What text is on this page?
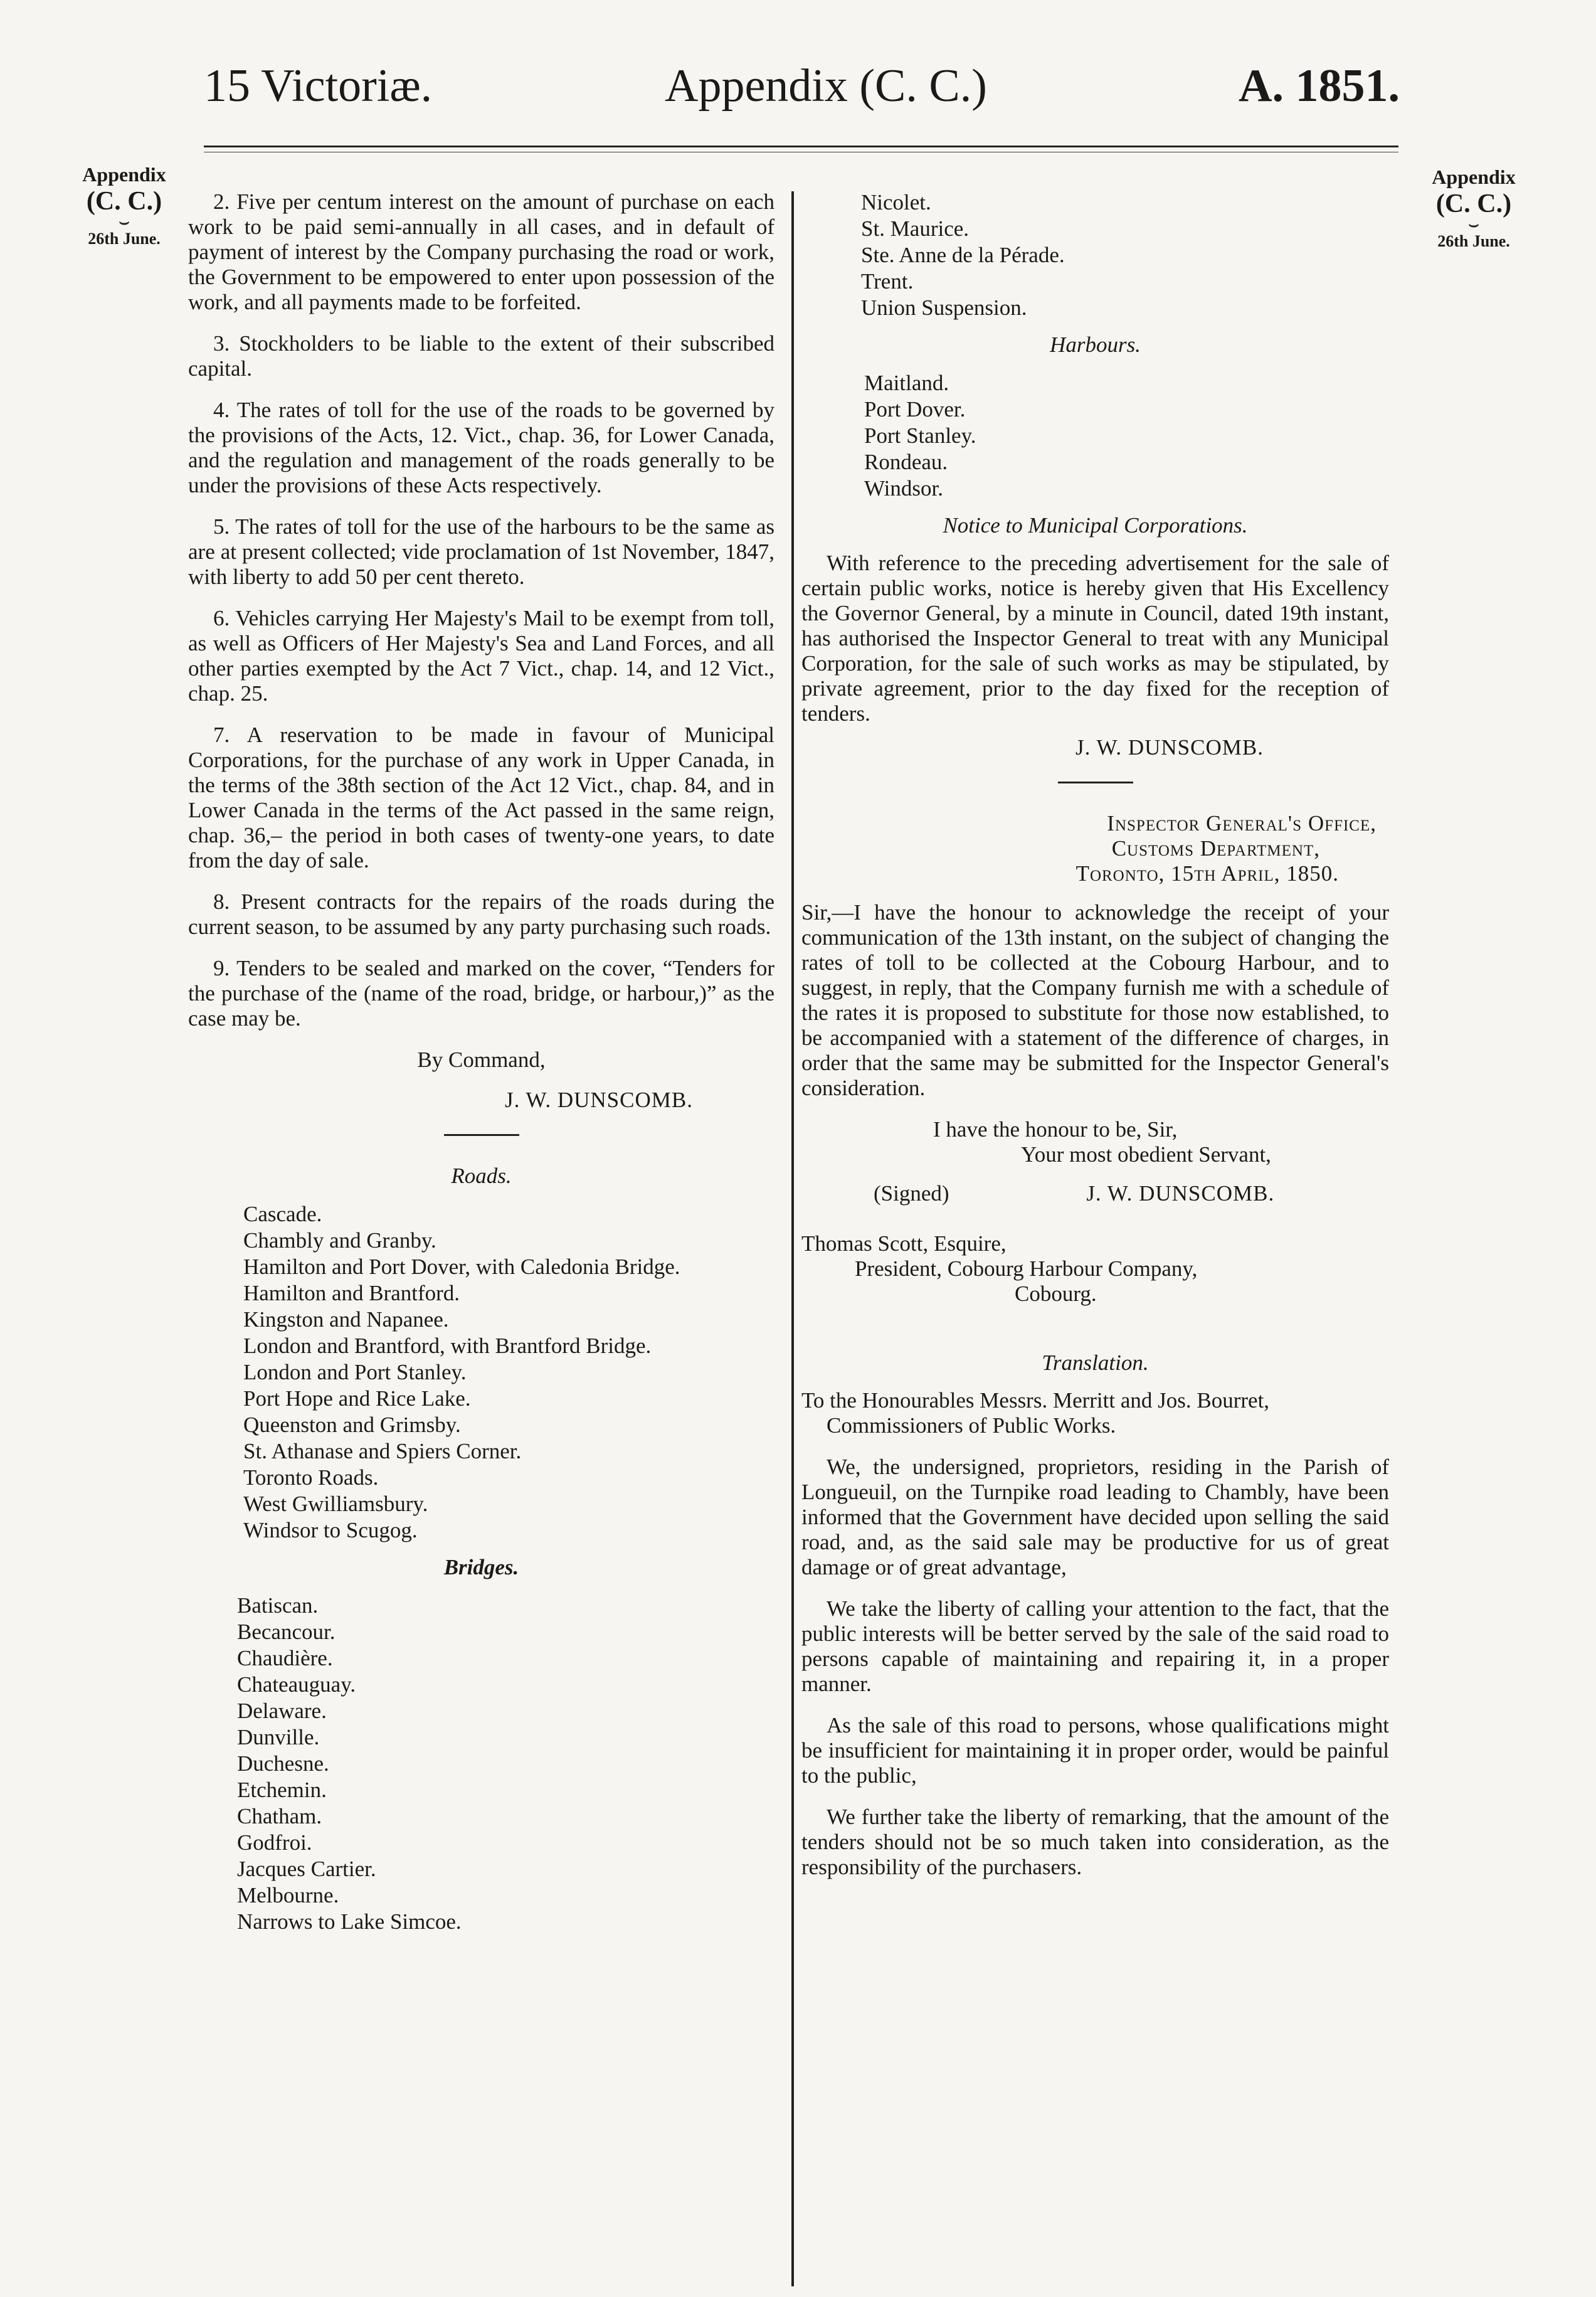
15 Victoriæ.	Appendix (C. C.)	A. 1851.
Appendix
(C. C.)
⌣
26th June.
Appendix
(C. C.)
⌣
26th June.

2. Five per centum interest on the amount of purchase on each work to be paid semi-annually in all cases, and in default of payment of interest by the Company purchasing the road or work, the Government to be empowered to enter upon possession of the work, and all payments made to be forfeited.

3. Stockholders to be liable to the extent of their subscribed capital.

4. The rates of toll for the use of the roads to be governed by the provisions of the Acts, 12. Vict., chap. 36, for Lower Canada, and the regulation and management of the roads generally to be under the provisions of these Acts respectively.

5. The rates of toll for the use of the harbours to be the same as are at present collected; vide proclamation of 1st November, 1847, with liberty to add 50 per cent thereto.

6. Vehicles carrying Her Majesty's Mail to be exempt from toll, as well as Officers of Her Majesty's Sea and Land Forces, and all other parties exempted by the Act 7 Vict., chap. 14, and 12 Vict., chap. 25.

7. A reservation to be made in favour of Municipal Corporations, for the purchase of any work in Upper Canada, in the terms of the 38th section of the Act 12 Vict., chap. 84, and in Lower Canada in the terms of the Act passed in the same reign, chap. 36,– the period in both cases of twenty-one years, to date from the day of sale.

8. Present contracts for the repairs of the roads during the current season, to be assumed by any party purchasing such roads.

9. Tenders to be sealed and marked on the cover, “Tenders for the purchase of the (name of the road, bridge, or harbour,)” as the case may be.

By Command,

J. W. DUNSCOMB.

Roads.

Cascade.
Chambly and Granby.
Hamilton and Port Dover, with Caledonia Bridge.
Hamilton and Brantford.
Kingston and Napanee.
London and Brantford, with Brantford Bridge.
London and Port Stanley.
Port Hope and Rice Lake.
Queenston and Grimsby.
St. Athanase and Spiers Corner.
Toronto Roads.
West Gwilliamsbury.
Windsor to Scugog.

Bridges.

Batiscan.
Becancour.
Chaudière.
Chateauguay.
Delaware.
Dunville.
Duchesne.
Etchemin.
Chatham.
Godfroi.
Jacques Cartier.
Melbourne.
Narrows to Lake Simcoe.
Nicolet.
St. Maurice.
Ste. Anne de la Pérade.
Trent.
Union Suspension.

Harbours.

Maitland.
Port Dover.
Port Stanley.
Rondeau.
Windsor.

Notice to Municipal Corporations.

With reference to the preceding advertisement for the sale of certain public works, notice is hereby given that His Excellency the Governor General, by a minute in Council, dated 19th instant, has authorised the Inspector General to treat with any Municipal Corporation, for the sale of such works as may be stipulated, by private agreement, prior to the day fixed for the reception of tenders.

J. W. DUNSCOMB.

Inspector General's Office,

Customs Department,

Toronto, 15th April, 1850.

Sir,—I have the honour to acknowledge the receipt of your communication of the 13th instant, on the subject of changing the rates of toll to be collected at the Cobourg Harbour, and to suggest, in reply, that the Company furnish me with a schedule of the rates it is proposed to substitute for those now established, to be accompanied with a statement of the difference of charges, in order that the same may be submitted for the Inspector General's consideration.

I have the honour to be, Sir,

Your most obedient Servant,

(Signed)	J. W. DUNSCOMB.

Thomas Scott, Esquire,

President, Cobourg Harbour Company,

Cobourg.

Translation.

To the Honourables Messrs. Merritt and Jos. Bourret,

Commissioners of Public Works.

We, the undersigned, proprietors, residing in the Parish of Longueuil, on the Turnpike road leading to Chambly, have been informed that the Government have decided upon selling the said road, and, as the said sale may be productive for us of great damage or of great advantage,

We take the liberty of calling your attention to the fact, that the public interests will be better served by the sale of the said road to persons capable of maintaining and repairing it, in a proper manner.

As the sale of this road to persons, whose qualifications might be insufficient for maintaining it in proper order, would be painful to the public,

We further take the liberty of remarking, that the amount of the tenders should not be so much taken into consideration, as the responsibility of the purchasers.
